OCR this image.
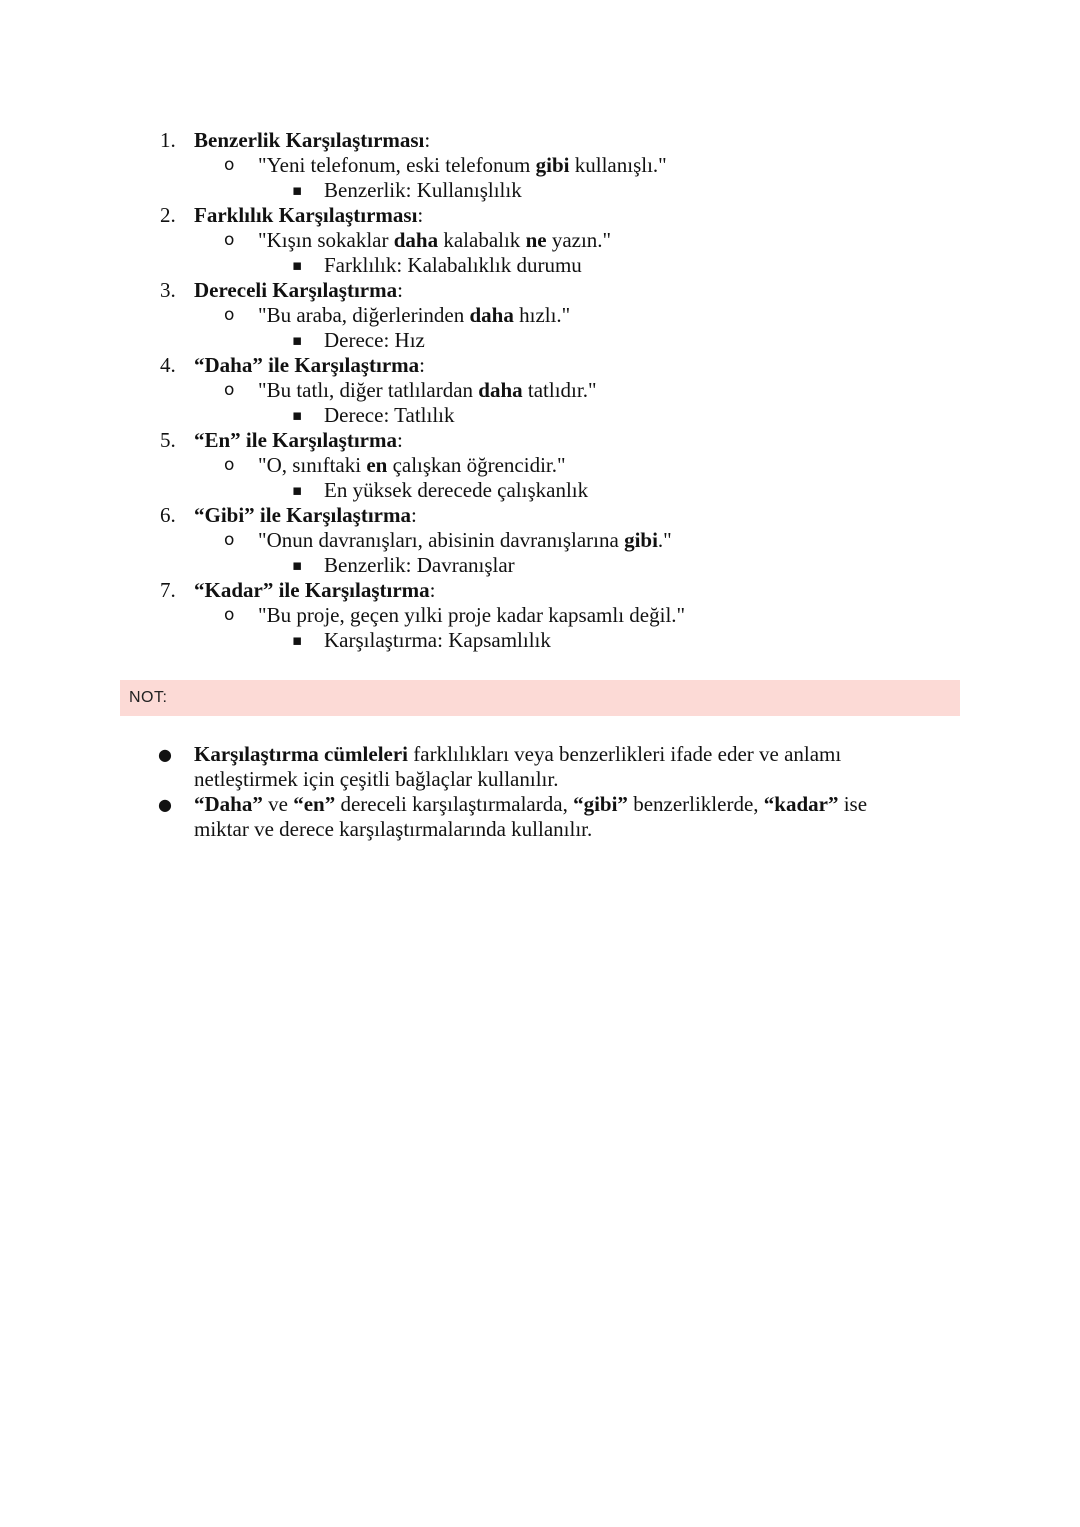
1. Benzerlik Karşılaştırması:
o "Yeni telefonum, eski telefonum gibi kullanışlı."
▪ Benzerlik: Kullanışlılık
2. Farklılık Karşılaştırması:
o "Kışın sokaklar daha kalabalık ne yazın."
▪ Farklılık: Kalabalıklık durumu
3. Dereceli Karşılaştırma:
o "Bu araba, diğerlerinden daha hızlı."
▪ Derece: Hız
4. “Daha” ile Karşılaştırma:
o "Bu tatlı, diğer tatlılardan daha tatlıdır."
▪ Derece: Tatlılık
5. “En” ile Karşılaştırma:
o "O, sınıftaki en çalışkan öğrencidir."
▪ En yüksek derecede çalışkanlık
6. “Gibi” ile Karşılaştırma:
o "Onun davranışları, abisinin davranışlarına gibi."
▪ Benzerlik: Davranışlar
7. “Kadar” ile Karşılaştırma:
o "Bu proje, geçen yılki proje kadar kapsamlı değil."
▪ Karşılaştırma: Kapsamlılık
NOT:
● Karşılaştırma cümleleri farklılıkları veya benzerlikleri ifade eder ve anlamı
netleştirmek için çeşitli bağlaçlar kullanılır.
● “Daha” ve “en” dereceli karşılaştırmalarda, “gibi” benzerliklerde, “kadar” ise
miktar ve derece karşılaştırmalarında kullanılır.
